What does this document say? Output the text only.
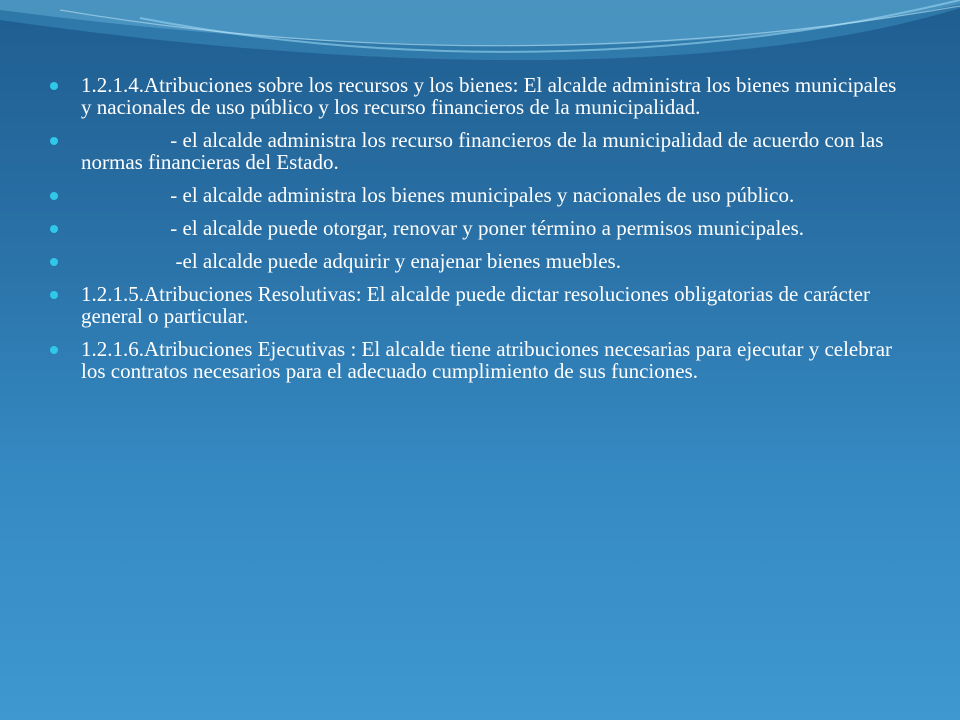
1.2.1.4.Atribuciones sobre los recursos y los bienes: El alcalde administra los bienes municipales y nacionales de uso público y los recurso financieros de la municipalidad.
- el alcalde administra los recurso financieros de la municipalidad de acuerdo con las normas financieras del Estado.
- el alcalde administra los bienes municipales y nacionales de uso público.
- el alcalde puede otorgar, renovar y poner término a permisos municipales.
-el alcalde puede adquirir y enajenar bienes muebles.
1.2.1.5.Atribuciones Resolutivas: El alcalde puede dictar resoluciones obligatorias de carácter general o particular.
1.2.1.6.Atribuciones Ejecutivas : El alcalde tiene atribuciones necesarias para ejecutar y celebrar los contratos necesarios para el adecuado cumplimiento de sus funciones.
